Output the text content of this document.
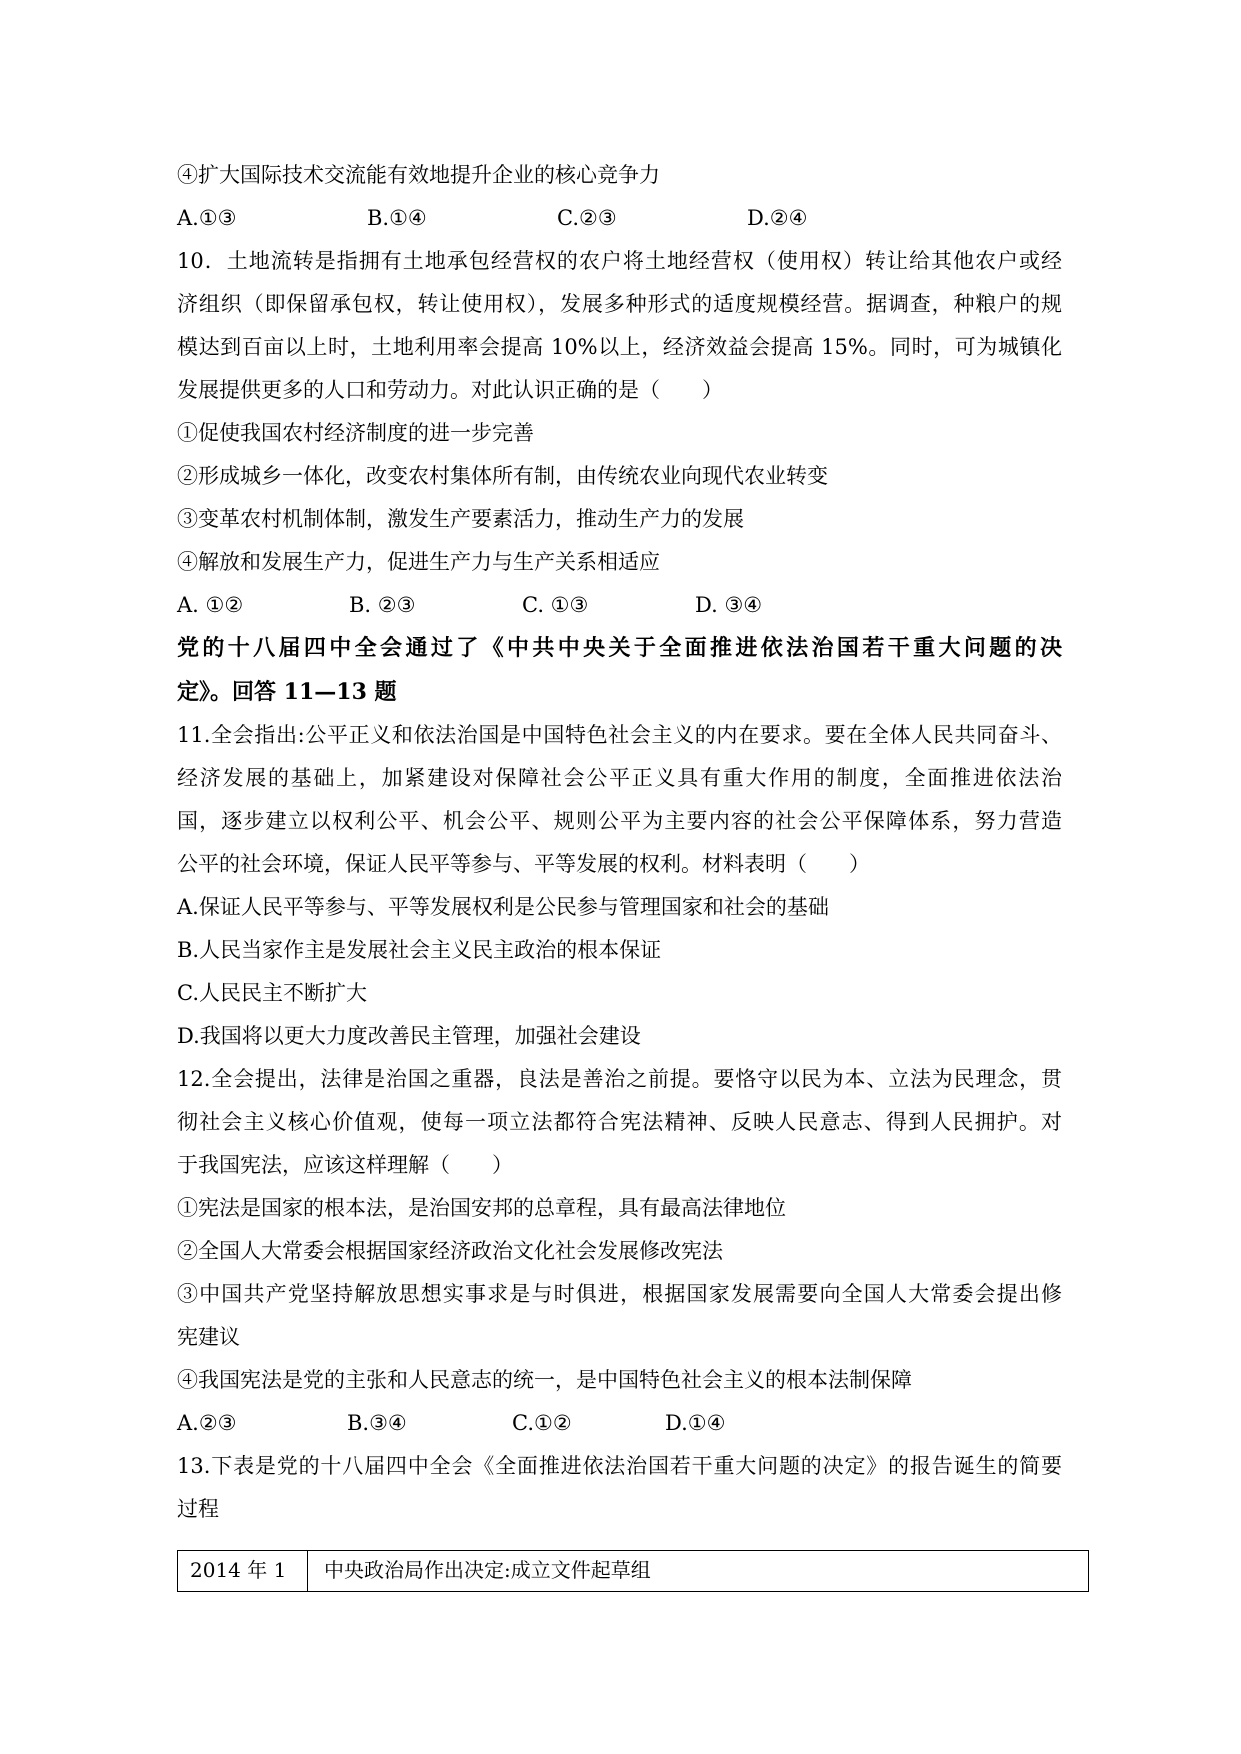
④扩大国际技术交流能有效地提升企业的核心竞争力
A.①③	B.①④	C.②③	D.②④
10．土地流转是指拥有土地承包经营权的农户将土地经营权（使用权）转让给其他农户或经
济组织（即保留承包权，转让使用权），发展多种形式的适度规模经营。据调查，种粮户的规
模达到百亩以上时，土地利用率会提高 10%以上，经济效益会提高 15%。同时，可为城镇化
发展提供更多的人口和劳动力。对此认识正确的是（　　）
①促使我国农村经济制度的进一步完善
②形成城乡一体化，改变农村集体所有制，由传统农业向现代农业转变
③变革农村机制体制，激发生产要素活力，推动生产力的发展
④解放和发展生产力，促进生产力与生产关系相适应
A. ①②	B. ②③	C. ①③	D. ③④
党的十八届四中全会通过了《中共中央关于全面推进依法治国若干重大问题的决
定》。回答 11—13 题
11.全会指出:公平正义和依法治国是中国特色社会主义的内在要求。要在全体人民共同奋斗、
经济发展的基础上，加紧建设对保障社会公平正义具有重大作用的制度，全面推进依法治
国，逐步建立以权利公平、机会公平、规则公平为主要内容的社会公平保障体系，努力营造
公平的社会环境，保证人民平等参与、平等发展的权利。材料表明（　　）
A.保证人民平等参与、平等发展权利是公民参与管理国家和社会的基础
B.人民当家作主是发展社会主义民主政治的根本保证
C.人民民主不断扩大
D.我国将以更大力度改善民主管理，加强社会建设
12.全会提出，法律是治国之重器，良法是善治之前提。要恪守以民为本、立法为民理念，贯
彻社会主义核心价值观，使每一项立法都符合宪法精神、反映人民意志、得到人民拥护。对
于我国宪法，应该这样理解（　　）
①宪法是国家的根本法，是治国安邦的总章程，具有最高法律地位
②全国人大常委会根据国家经济政治文化社会发展修改宪法
③中国共产党坚持解放思想实事求是与时俱进，根据国家发展需要向全国人大常委会提出修
宪建议
④我国宪法是党的主张和人民意志的统一，是中国特色社会主义的根本法制保障
A.②③	B.③④	C.①②	D.①④
13.下表是党的十八届四中全会《全面推进依法治国若干重大问题的决定》的报告诞生的简要
过程
2014 年 1	中央政治局作出决定:成立文件起草组
